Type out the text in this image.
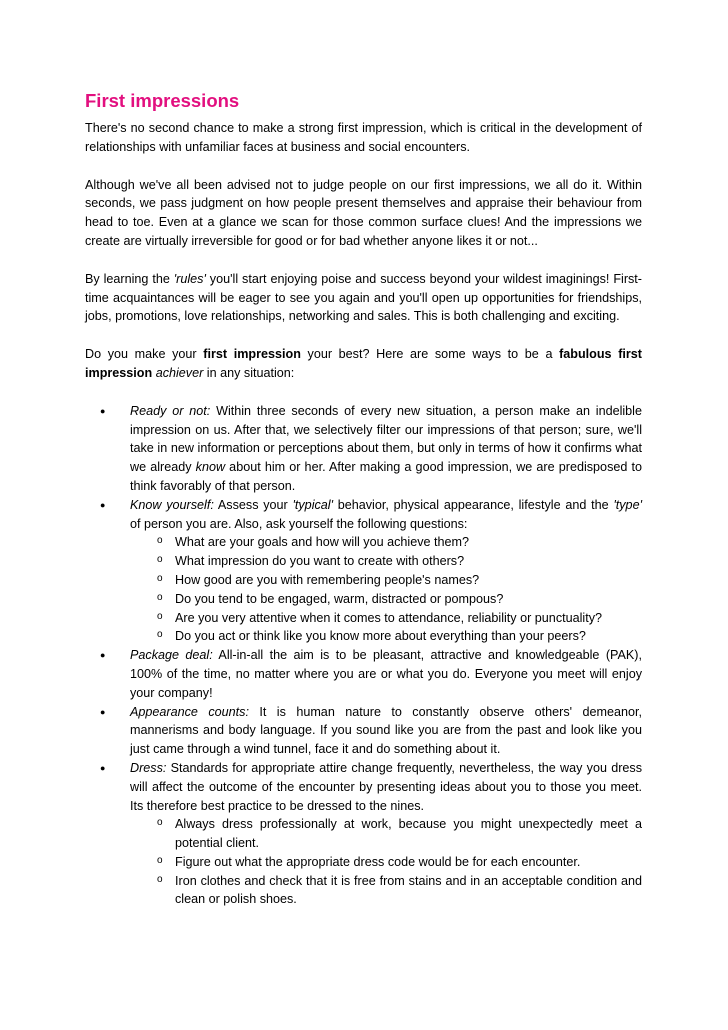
First impressions

There's no second chance to make a strong first impression, which is critical in the development of relationships with unfamiliar faces at business and social encounters.

Although we've all been advised not to judge people on our first impressions, we all do it. Within seconds, we pass judgment on how people present themselves and appraise their behaviour from head to toe. Even at a glance we scan for those common surface clues! And the impressions we create are virtually irreversible for good or for bad whether anyone likes it or not...

By learning the 'rules' you'll start enjoying poise and success beyond your wildest imaginings! First-time acquaintances will be eager to see you again and you'll open up opportunities for friendships, jobs, promotions, love relationships, networking and sales. This is both challenging and exciting.

Do you make your first impression your best? Here are some ways to be a fabulous first impression achiever in any situation:

● Ready or not: Within three seconds of every new situation, a person make an indelible impression on us. After that, we selectively filter our impressions of that person; sure, we'll take in new information or perceptions about them, but only in terms of how it confirms what we already know about him or her. After making a good impression, we are predisposed to think favorably of that person.
● Know yourself: Assess your 'typical' behavior, physical appearance, lifestyle and the 'type' of person you are. Also, ask yourself the following questions:
o What are your goals and how will you achieve them?
o What impression do you want to create with others?
o How good are you with remembering people's names?
o Do you tend to be engaged, warm, distracted or pompous?
o Are you very attentive when it comes to attendance, reliability or punctuality?
o Do you act or think like you know more about everything than your peers?
● Package deal: All-in-all the aim is to be pleasant, attractive and knowledgeable (PAK), 100% of the time, no matter where you are or what you do. Everyone you meet will enjoy your company!
● Appearance counts: It is human nature to constantly observe others' demeanor, mannerisms and body language. If you sound like you are from the past and look like you just came through a wind tunnel, face it and do something about it.
● Dress: Standards for appropriate attire change frequently, nevertheless, the way you dress will affect the outcome of the encounter by presenting ideas about you to those you meet. Its therefore best practice to be dressed to the nines.
o Always dress professionally at work, because you might unexpectedly meet a potential client.
o Figure out what the appropriate dress code would be for each encounter.
o Iron clothes and check that it is free from stains and in an acceptable condition and clean or polish shoes.
